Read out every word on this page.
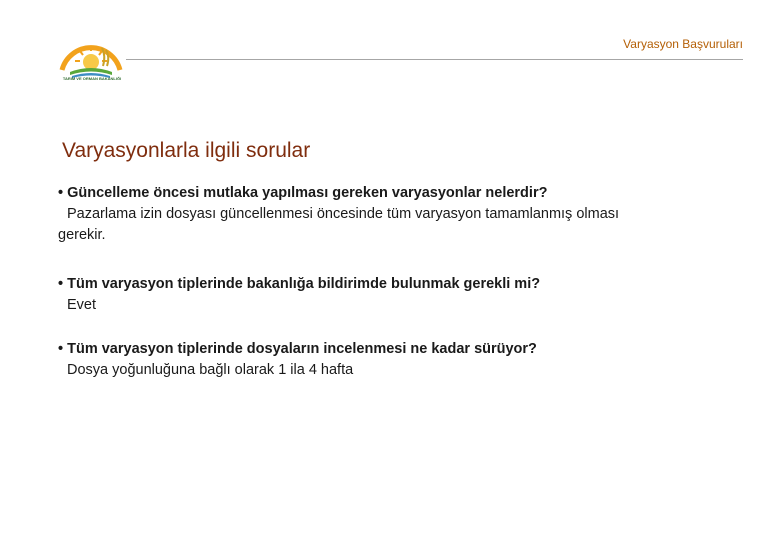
TARIM VE ORMAN BAKANLIĞI
Varyasyon Başvuruları
Varyasyonlarla ilgili sorular
• Güncelleme öncesi mutlaka yapılması gereken varyasyonlar nelerdir?
Pazarlama izin dosyası güncellenmesi öncesinde tüm varyasyon tamamlanmış olması
gerekir.
• Tüm varyasyon tiplerinde bakanlığa bildirimde bulunmak gerekli mi?
Evet
• Tüm varyasyon tiplerinde dosyaların incelenmesi ne kadar sürüyor?
Dosya yoğunluğuna bağlı olarak 1 ila 4 hafta
